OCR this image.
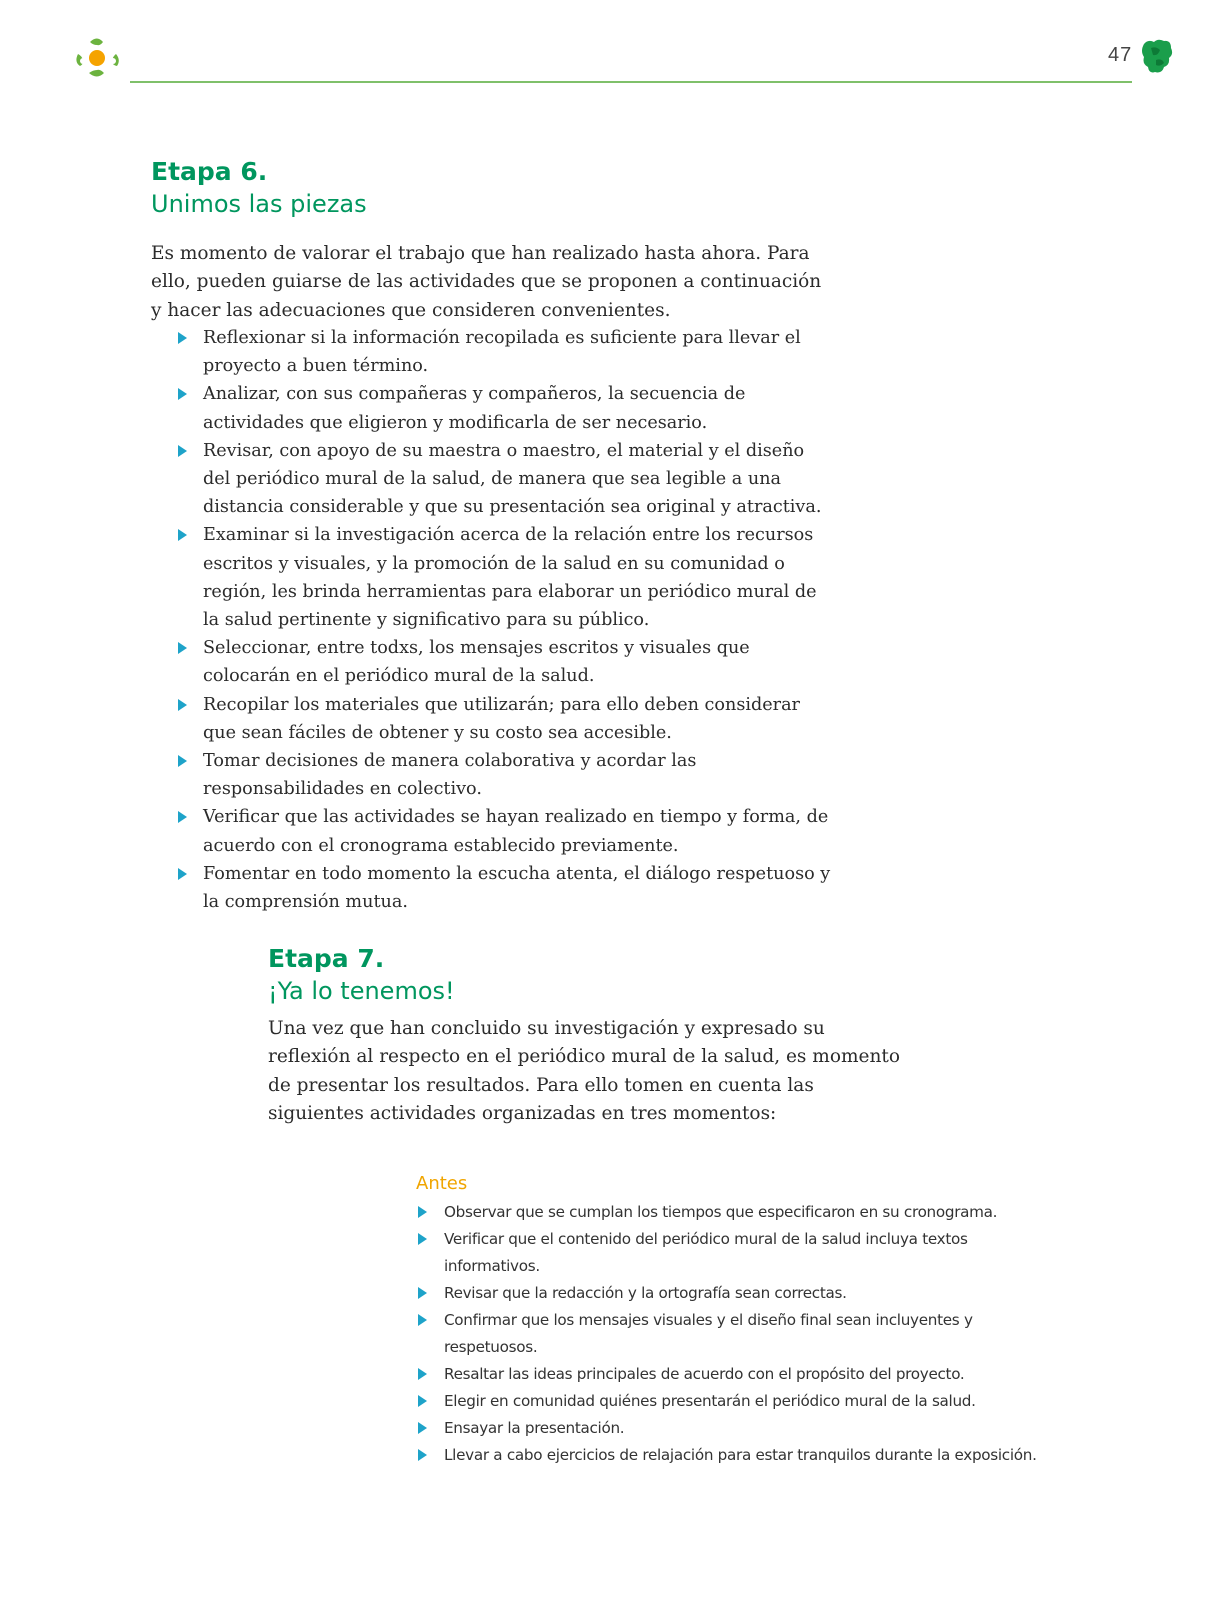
47
Etapa 6.
Unimos las piezas

Es momento de valorar el trabajo que han realizado hasta ahora. Para ello, pueden guiarse de las actividades que se proponen a continuación y hacer las adecuaciones que consideren convenientes.

Reflexionar si la información recopilada es suficiente para llevar el proyecto a buen término.
Analizar, con sus compañeras y compañeros, la secuencia de actividades que eligieron y modificarla de ser necesario.
Revisar, con apoyo de su maestra o maestro, el material y el diseño del periódico mural de la salud, de manera que sea legible a una distancia considerable y que su presentación sea original y atractiva.
Examinar si la investigación acerca de la relación entre los recursos escritos y visuales, y la promoción de la salud en su comunidad o región, les brinda herramientas para elaborar un periódico mural de la salud pertinente y significativo para su público.
Seleccionar, entre todxs, los mensajes escritos y visuales que colocarán en el periódico mural de la salud.
Recopilar los materiales que utilizarán; para ello deben considerar que sean fáciles de obtener y su costo sea accesible.
Tomar decisiones de manera colaborativa y acordar las responsabilidades en colectivo.
Verificar que las actividades se hayan realizado en tiempo y forma, de acuerdo con el cronograma establecido previamente.
Fomentar en todo momento la escucha atenta, el diálogo respetuoso y la comprensión mutua.
Etapa 7.
¡Ya lo tenemos!

Una vez que han concluido su investigación y expresado su reflexión al respecto en el periódico mural de la salud, es momento de presentar los resultados. Para ello tomen en cuenta las siguientes actividades organizadas en tres momentos:

Antes

Observar que se cumplan los tiempos que especificaron en su cronograma.
Verificar que el contenido del periódico mural de la salud incluya textos informativos.
Revisar que la redacción y la ortografía sean correctas.
Confirmar que los mensajes visuales y el diseño final sean incluyentes y respetuosos.
Resaltar las ideas principales de acuerdo con el propósito del proyecto.
Elegir en comunidad quiénes presentarán el periódico mural de la salud.
Ensayar la presentación.
Llevar a cabo ejercicios de relajación para estar tranquilos durante la exposición.
